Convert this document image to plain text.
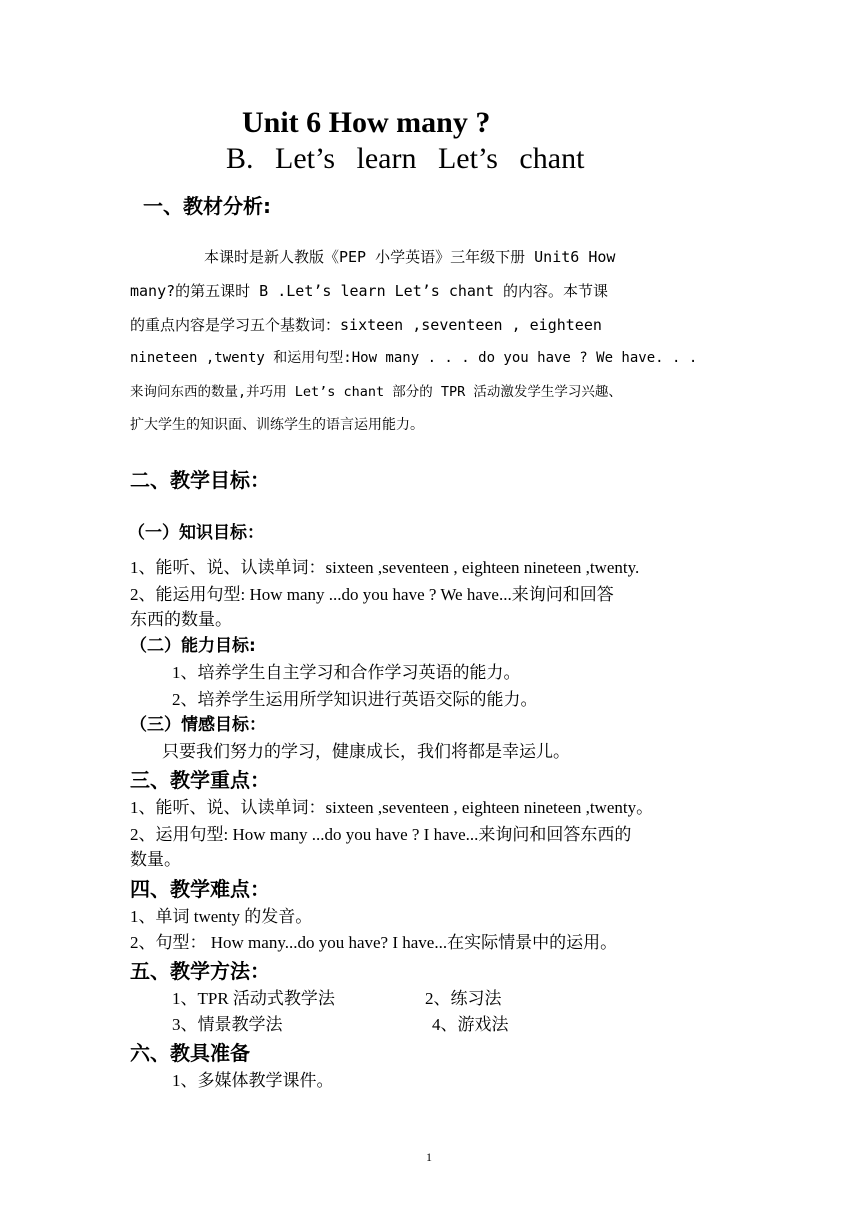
Unit 6 How many ?
B. Let’s learn Let’s chant
一、教材分析:
本课时是新人教版《PEP 小学英语》三年级下册 Unit6 How
many?的第五课时 B .Let’s learn Let’s chant 的内容。本节课
的重点内容是学习五个基数词：sixteen ,seventeen , eighteen
nineteen ,twenty 和运用句型:How many . . . do you have ? We have. . .
来询问东西的数量,并巧用 Let’s chant 部分的 TPR 活动激发学生学习兴趣、
扩大学生的知识面、训练学生的语言运用能力。
二、教学目标：
（一）知识目标：
1、能听、说、认读单词：sixteen ,seventeen , eighteen nineteen ,twenty.
2、能运用句型: How many ...do you have ? We have...来询问和回答
东西的数量。
（二）能力目标:
1、培养学生自主学习和合作学习英语的能力。
2、培养学生运用所学知识进行英语交际的能力。
（三）情感目标：
只要我们努力的学习，健康成长，我们将都是幸运儿。
三、教学重点：
1、能听、说、认读单词：sixteen ,seventeen , eighteen nineteen ,twenty。
2、运用句型: How many ...do you have ? I have...来询问和回答东西的
数量。
四、教学难点：
1、单词 twenty 的发音。
2、句型： How many...do you have? I have...在实际情景中的运用。
五、教学方法：
1、TPR 活动式教学法	2、练习法
3、情景教学法	4、游戏法
六、教具准备
1、多媒体教学课件。
1
